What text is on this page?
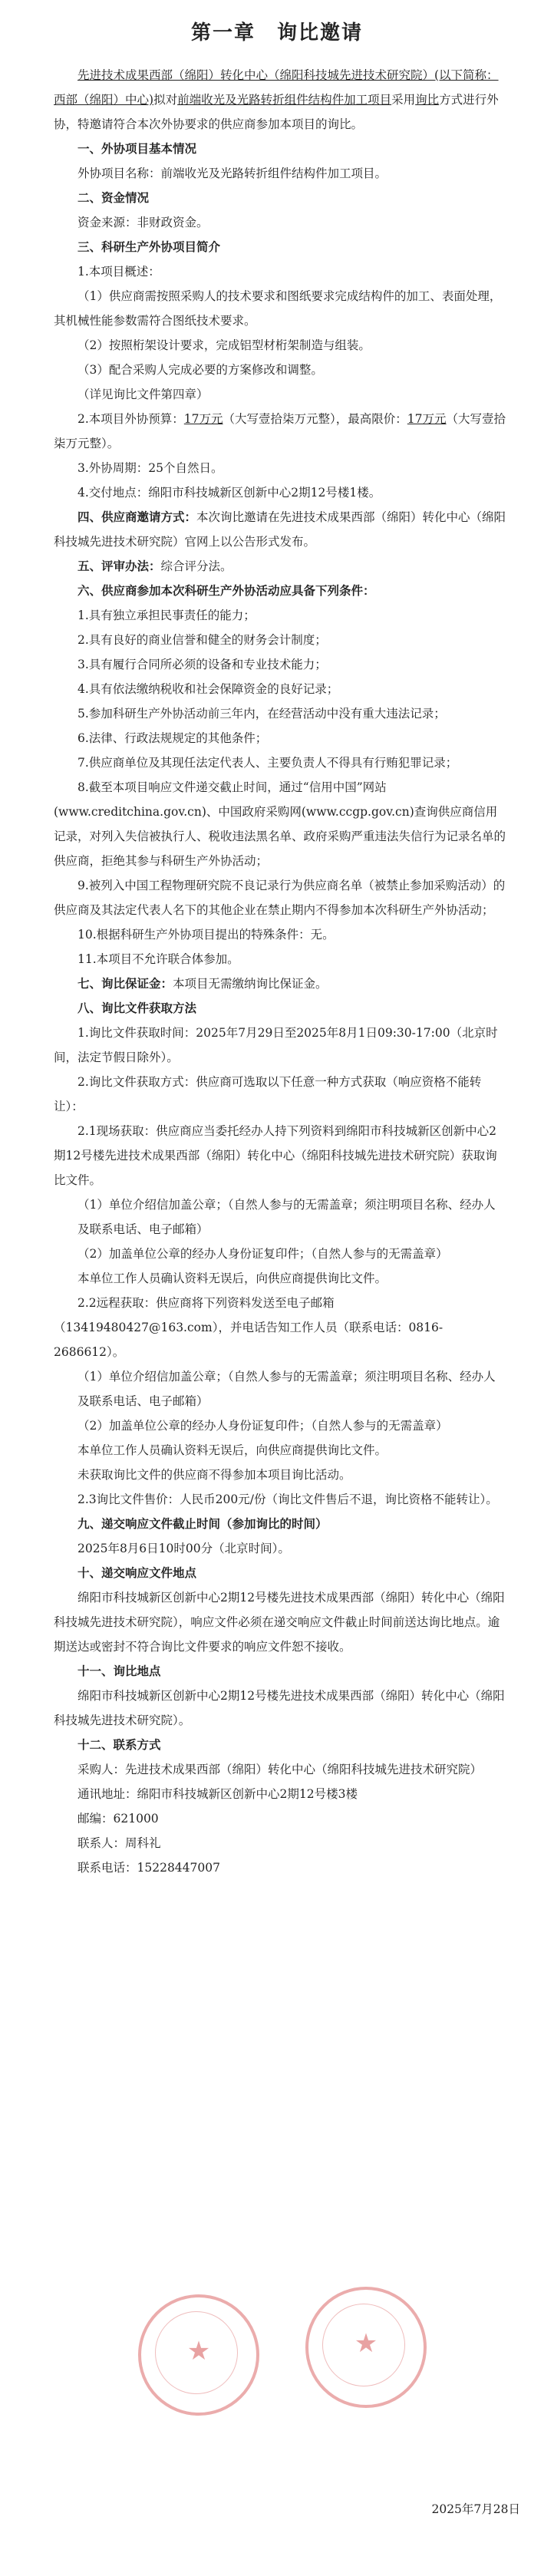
第一章　询比邀请

先进技术成果西部（绵阳）转化中心（绵阳科技城先进技术研究院）(以下简称：西部（绵阳）中心)拟对前端收光及光路转折组件结构件加工项目采用询比方式进行外协，特邀请符合本次外协要求的供应商参加本项目的询比。

一、外协项目基本情况

外协项目名称：前端收光及光路转折组件结构件加工项目。

二、资金情况

资金来源：非财政资金。

三、科研生产外协项目简介

1.本项目概述：

（1）供应商需按照采购人的技术要求和图纸要求完成结构件的加工、表面处理，其机械性能参数需符合图纸技术要求。

（2）按照桁架设计要求，完成铝型材桁架制造与组装。

（3）配合采购人完成必要的方案修改和调整。

（详见询比文件第四章）

2.本项目外协预算：17万元（大写壹拾柒万元整），最高限价：17万元（大写壹拾柒万元整）。

3.外协周期：25个自然日。

4.交付地点：绵阳市科技城新区创新中心2期12号楼1楼。

四、供应商邀请方式：本次询比邀请在先进技术成果西部（绵阳）转化中心（绵阳科技城先进技术研究院）官网上以公告形式发布。

五、评审办法：综合评分法。

六、供应商参加本次科研生产外协活动应具备下列条件：

1.具有独立承担民事责任的能力；

2.具有良好的商业信誉和健全的财务会计制度；

3.具有履行合同所必须的设备和专业技术能力；

4.具有依法缴纳税收和社会保障资金的良好记录；

5.参加科研生产外协活动前三年内，在经营活动中没有重大违法记录；

6.法律、行政法规规定的其他条件；

7.供应商单位及其现任法定代表人、主要负责人不得具有行贿犯罪记录；

8.截至本项目响应文件递交截止时间，通过“信用中国”网站(www.creditchina.gov.cn)、中国政府采购网(www.ccgp.gov.cn)查询供应商信用记录，对列入失信被执行人、税收违法黑名单、政府采购严重违法失信行为记录名单的供应商，拒绝其参与科研生产外协活动；

9.被列入中国工程物理研究院不良记录行为供应商名单（被禁止参加采购活动）的供应商及其法定代表人名下的其他企业在禁止期内不得参加本次科研生产外协活动；

10.根据科研生产外协项目提出的特殊条件：无。

11.本项目不允许联合体参加。

七、询比保证金：本项目无需缴纳询比保证金。

八、询比文件获取方法

1.询比文件获取时间：2025年7月29日至2025年8月1日09:30-17:00（北京时间，法定节假日除外）。

2.询比文件获取方式：供应商可选取以下任意一种方式获取（响应资格不能转让）：

2.1现场获取：供应商应当委托经办人持下列资料到绵阳市科技城新区创新中心2期12号楼先进技术成果西部（绵阳）转化中心（绵阳科技城先进技术研究院）获取询比文件。

（1）单位介绍信加盖公章；（自然人参与的无需盖章；须注明项目名称、经办人及联系电话、电子邮箱）

（2）加盖单位公章的经办人身份证复印件；（自然人参与的无需盖章）

本单位工作人员确认资料无误后，向供应商提供询比文件。

2.2远程获取：供应商将下列资料发送至电子邮箱（13419480427@163.com），并电话告知工作人员（联系电话：0816-2686612）。

（1）单位介绍信加盖公章；（自然人参与的无需盖章；须注明项目名称、经办人及联系电话、电子邮箱）

（2）加盖单位公章的经办人身份证复印件；（自然人参与的无需盖章）

本单位工作人员确认资料无误后，向供应商提供询比文件。

未获取询比文件的供应商不得参加本项目询比活动。

2.3询比文件售价：人民币200元/份（询比文件售后不退，询比资格不能转让）。

九、递交响应文件截止时间（参加询比的时间）

2025年8月6日10时00分（北京时间）。

十、递交响应文件地点

绵阳市科技城新区创新中心2期12号楼先进技术成果西部（绵阳）转化中心（绵阳科技城先进技术研究院），响应文件必须在递交响应文件截止时间前送达询比地点。逾期送达或密封不符合询比文件要求的响应文件恕不接收。

十一、询比地点

绵阳市科技城新区创新中心2期12号楼先进技术成果西部（绵阳）转化中心（绵阳科技城先进技术研究院）。

十二、联系方式

采购人：先进技术成果西部（绵阳）转化中心（绵阳科技城先进技术研究院）

通讯地址：绵阳市科技城新区创新中心2期12号楼3楼

邮编：621000

联系人：周科礼

联系电话：15228447007

★	★
2025年7月28日
